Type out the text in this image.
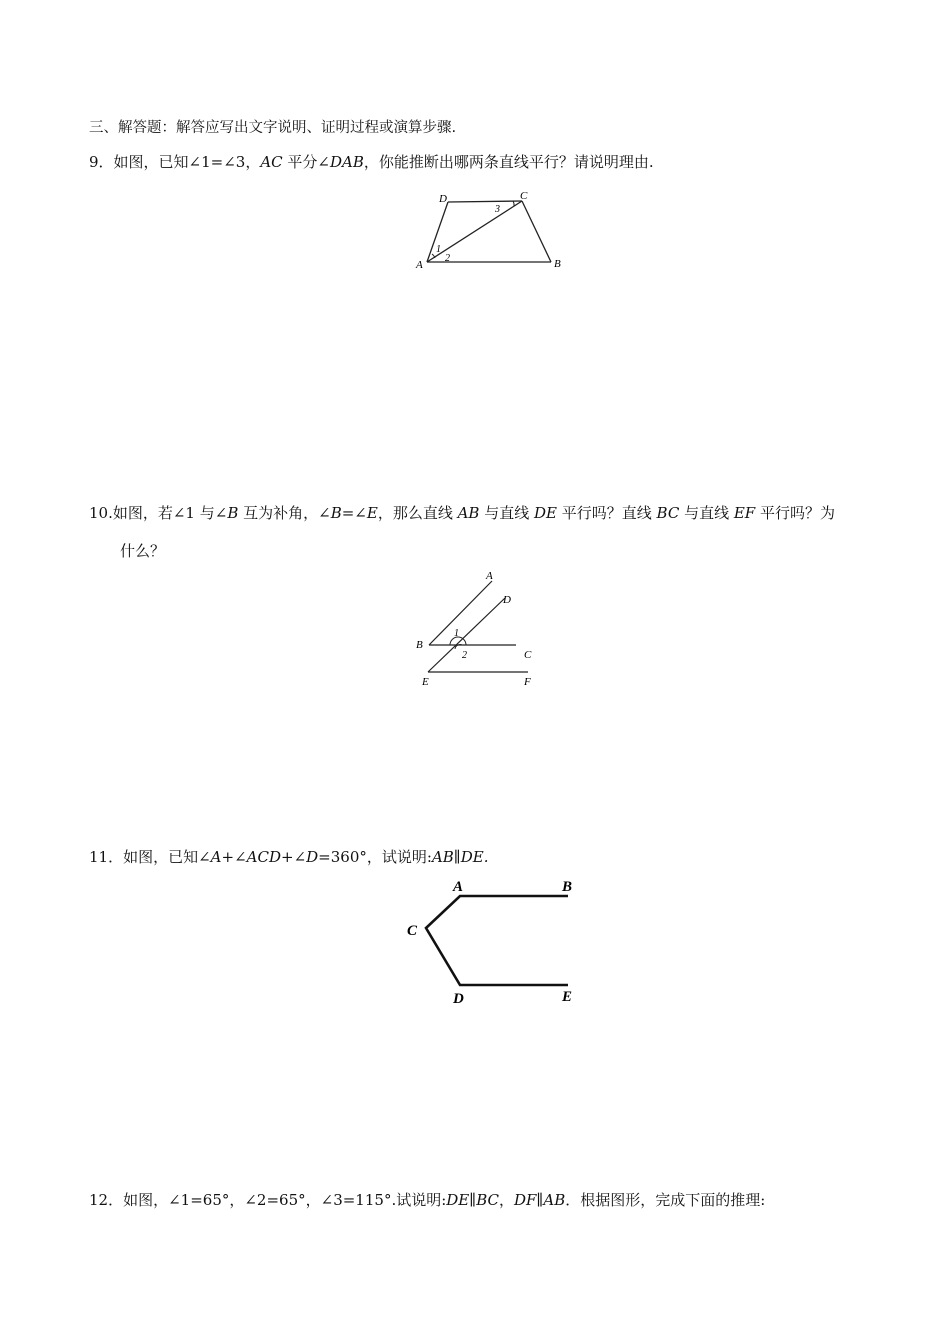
三、解答题：解答应写出文字说明、证明过程或演算步骤.
9．如图，已知∠1=∠3，AC 平分∠DAB，你能推断出哪两条直线平行？请说明理由.
D	C
A	B
1
2
3
10.如图，若∠1 与∠B 互为补角，∠B=∠E，那么直线 AB 与直线 DE 平行吗？直线 BC 与直线 EF 平行吗？为
什么？
A
D
B
C
E	F
1
2
11．如图，已知∠A+∠ACD+∠D=360°，试说明:AB∥DE.
A	B
C
D	E
12．如图，∠1=65°，∠2=65°，∠3=115°.试说明:DE∥BC，DF∥AB．根据图形，完成下面的推理:
